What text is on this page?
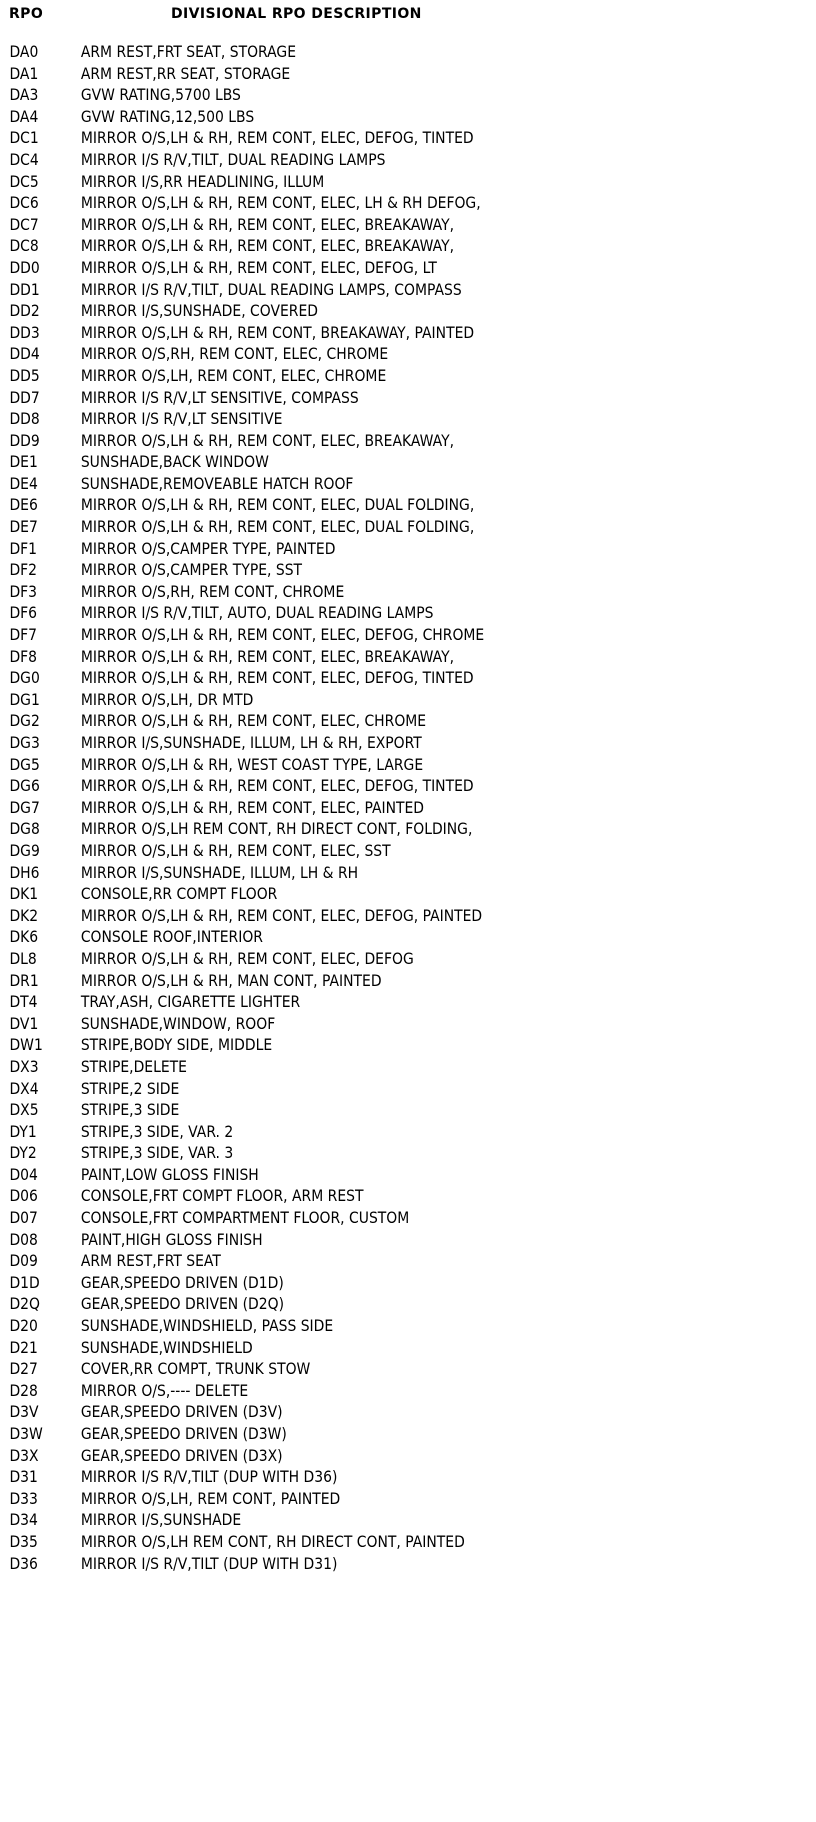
RPO	DIVISIONAL RPO DESCRIPTION
DA0	ARM REST,FRT SEAT, STORAGE
DA1	ARM REST,RR SEAT, STORAGE
DA3	GVW RATING,5700 LBS
DA4	GVW RATING,12,500 LBS
DC1	MIRROR O/S,LH & RH, REM CONT, ELEC, DEFOG, TINTED
DC4	MIRROR I/S R/V,TILT, DUAL READING LAMPS
DC5	MIRROR I/S,RR HEADLINING, ILLUM
DC6	MIRROR O/S,LH & RH, REM CONT, ELEC, LH & RH DEFOG,
DC7	MIRROR O/S,LH & RH, REM CONT, ELEC, BREAKAWAY,
DC8	MIRROR O/S,LH & RH, REM CONT, ELEC, BREAKAWAY,
DD0	MIRROR O/S,LH & RH, REM CONT, ELEC, DEFOG, LT
DD1	MIRROR I/S R/V,TILT, DUAL READING LAMPS, COMPASS
DD2	MIRROR I/S,SUNSHADE, COVERED
DD3	MIRROR O/S,LH & RH, REM CONT, BREAKAWAY, PAINTED
DD4	MIRROR O/S,RH, REM CONT, ELEC, CHROME
DD5	MIRROR O/S,LH, REM CONT, ELEC, CHROME
DD7	MIRROR I/S R/V,LT SENSITIVE, COMPASS
DD8	MIRROR I/S R/V,LT SENSITIVE
DD9	MIRROR O/S,LH & RH, REM CONT, ELEC, BREAKAWAY,
DE1	SUNSHADE,BACK WINDOW
DE4	SUNSHADE,REMOVEABLE HATCH ROOF
DE6	MIRROR O/S,LH & RH, REM CONT, ELEC, DUAL FOLDING,
DE7	MIRROR O/S,LH & RH, REM CONT, ELEC, DUAL FOLDING,
DF1	MIRROR O/S,CAMPER TYPE, PAINTED
DF2	MIRROR O/S,CAMPER TYPE, SST
DF3	MIRROR O/S,RH, REM CONT, CHROME
DF6	MIRROR I/S R/V,TILT, AUTO, DUAL READING LAMPS
DF7	MIRROR O/S,LH & RH, REM CONT, ELEC, DEFOG, CHROME
DF8	MIRROR O/S,LH & RH, REM CONT, ELEC, BREAKAWAY,
DG0	MIRROR O/S,LH & RH, REM CONT, ELEC, DEFOG, TINTED
DG1	MIRROR O/S,LH, DR MTD
DG2	MIRROR O/S,LH & RH, REM CONT, ELEC, CHROME
DG3	MIRROR I/S,SUNSHADE, ILLUM, LH & RH, EXPORT
DG5	MIRROR O/S,LH & RH, WEST COAST TYPE, LARGE
DG6	MIRROR O/S,LH & RH, REM CONT, ELEC, DEFOG, TINTED
DG7	MIRROR O/S,LH & RH, REM CONT, ELEC, PAINTED
DG8	MIRROR O/S,LH REM CONT, RH DIRECT CONT, FOLDING,
DG9	MIRROR O/S,LH & RH, REM CONT, ELEC, SST
DH6	MIRROR I/S,SUNSHADE, ILLUM, LH & RH
DK1	CONSOLE,RR COMPT FLOOR
DK2	MIRROR O/S,LH & RH, REM CONT, ELEC, DEFOG, PAINTED
DK6	CONSOLE ROOF,INTERIOR
DL8	MIRROR O/S,LH & RH, REM CONT, ELEC, DEFOG
DR1	MIRROR O/S,LH & RH, MAN CONT, PAINTED
DT4	TRAY,ASH, CIGARETTE LIGHTER
DV1	SUNSHADE,WINDOW, ROOF
DW1	STRIPE,BODY SIDE, MIDDLE
DX3	STRIPE,DELETE
DX4	STRIPE,2 SIDE
DX5	STRIPE,3 SIDE
DY1	STRIPE,3 SIDE, VAR. 2
DY2	STRIPE,3 SIDE, VAR. 3
D04	PAINT,LOW GLOSS FINISH
D06	CONSOLE,FRT COMPT FLOOR, ARM REST
D07	CONSOLE,FRT COMPARTMENT FLOOR, CUSTOM
D08	PAINT,HIGH GLOSS FINISH
D09	ARM REST,FRT SEAT
D1D	GEAR,SPEEDO DRIVEN (D1D)
D2Q	GEAR,SPEEDO DRIVEN (D2Q)
D20	SUNSHADE,WINDSHIELD, PASS SIDE
D21	SUNSHADE,WINDSHIELD
D27	COVER,RR COMPT, TRUNK STOW
D28	MIRROR O/S,---- DELETE
D3V	GEAR,SPEEDO DRIVEN (D3V)
D3W	GEAR,SPEEDO DRIVEN (D3W)
D3X	GEAR,SPEEDO DRIVEN (D3X)
D31	MIRROR I/S R/V,TILT (DUP WITH D36)
D33	MIRROR O/S,LH, REM CONT, PAINTED
D34	MIRROR I/S,SUNSHADE
D35	MIRROR O/S,LH REM CONT, RH DIRECT CONT, PAINTED
D36	MIRROR I/S R/V,TILT (DUP WITH D31)
